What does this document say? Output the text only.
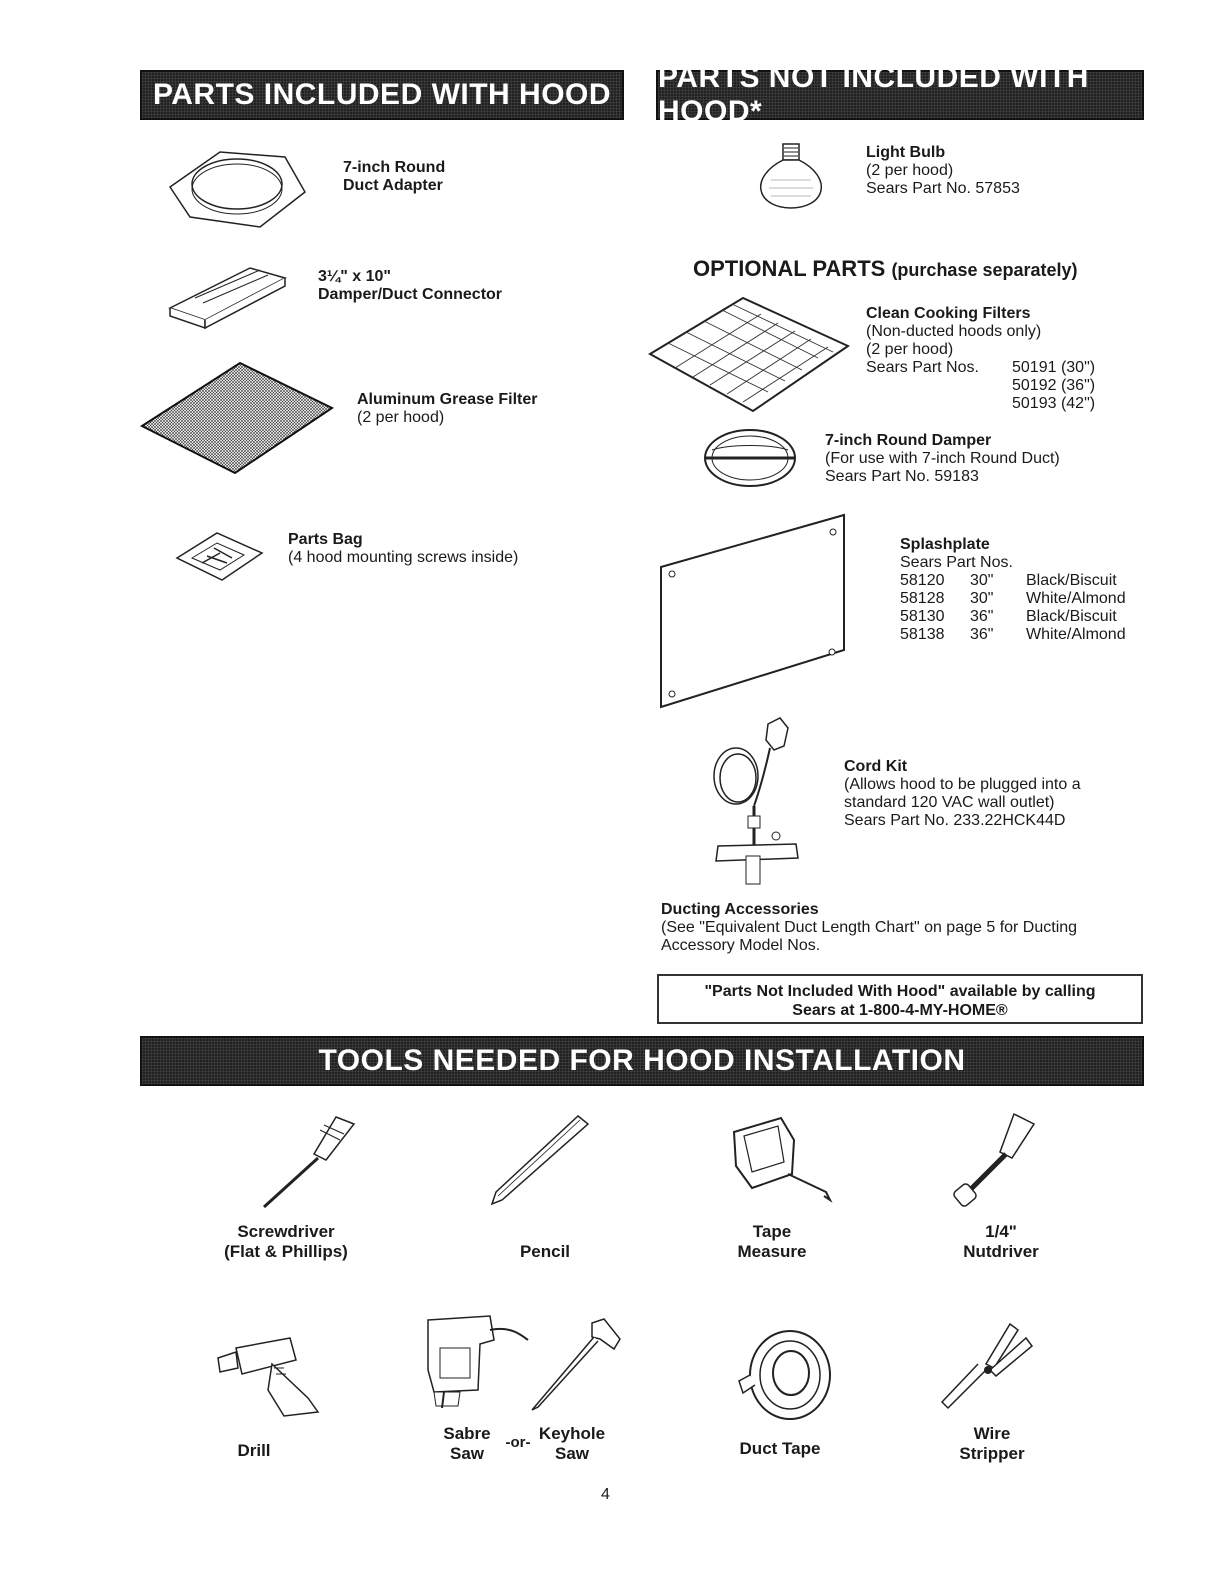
PARTS INCLUDED WITH HOOD
PARTS NOT INCLUDED WITH HOOD*
7-inch Round
Duct Adapter
3¼" x 10"
Damper/Duct Connector
Aluminum Grease Filter
(2 per hood)
Parts Bag
(4 hood mounting screws inside)
Light Bulb
(2 per hood)
Sears Part No. 57853
OPTIONAL PARTS (purchase separately)
Clean Cooking Filters
(Non-ducted hoods only)
(2 per hood)
Sears Part Nos.	50191 (30")
50192 (36")
50193 (42")
7-inch Round Damper
(For use with 7-inch Round Duct)
Sears Part No. 59183
Splashplate
Sears Part Nos.
58120	30"	Black/Biscuit
58128	30"	White/Almond
58130	36"	Black/Biscuit
58138	36"	White/Almond
Cord Kit
(Allows hood to be plugged into a
standard 120 VAC wall outlet)
Sears Part No. 233.22HCK44D
Ducting Accessories
(See "Equivalent Duct Length Chart" on page 5 for Ducting
Accessory Model Nos.
"Parts Not Included With Hood" available by calling
Sears at 1-800-4-MY-HOME®
TOOLS NEEDED FOR HOOD INSTALLATION
Screwdriver
(Flat & Phillips)	Pencil
Tape
Measure
1/4"
Nutdriver
Drill
Sabre
Saw
-or- Keyhole
Saw	Duct Tape
Wire
Stripper
4
